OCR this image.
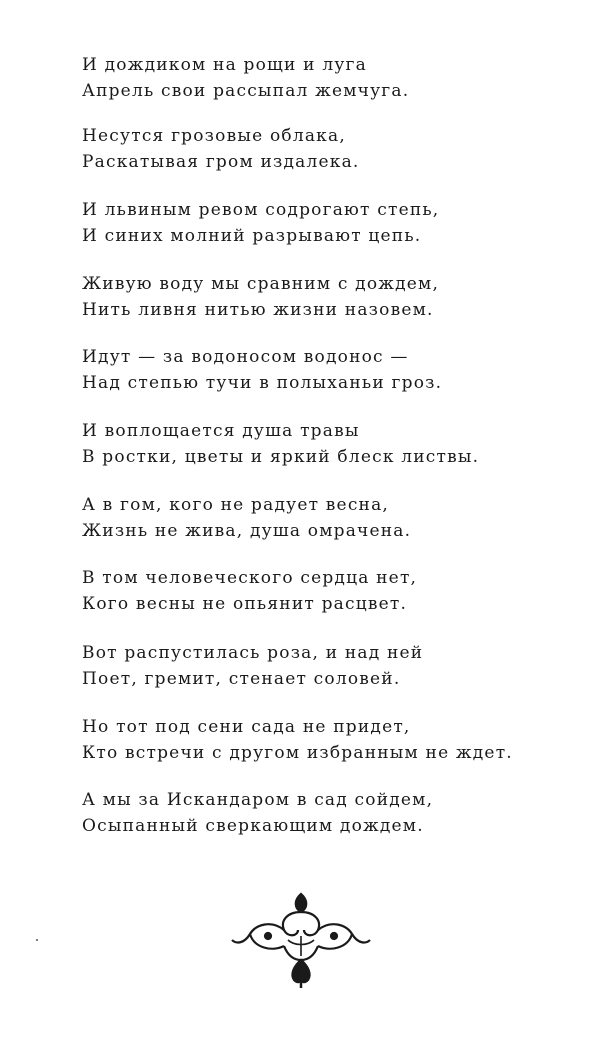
И дождиком на рощи и луга
Апрель свои рассыпал жемчуга.
Несутся грозовые облака,
Раскатывая гром издалека.
И львиным ревом содрогают степь,
И синих молний разрывают цепь.
Живую воду мы сравним с дождем,
Нить ливня нитью жизни назовем.
Идут — за водоносом водонос —
Над степью тучи в полыханьи гроз.
И воплощается душа травы
В ростки, цветы и яркий блеск листвы.
А в гом, кого не радует весна,
Жизнь не жива, душа омрачена.
В том человеческого сердца нет,
Кого весны не опьянит расцвет.
Вот распустилась роза, и над ней
Поет, гремит, стенает соловей.
Но тот под сени сада не придет,
Кто встречи с другом избранным не ждет.
А мы за Искандаром в сад сойдем,
Осыпанный сверкающим дождем.
